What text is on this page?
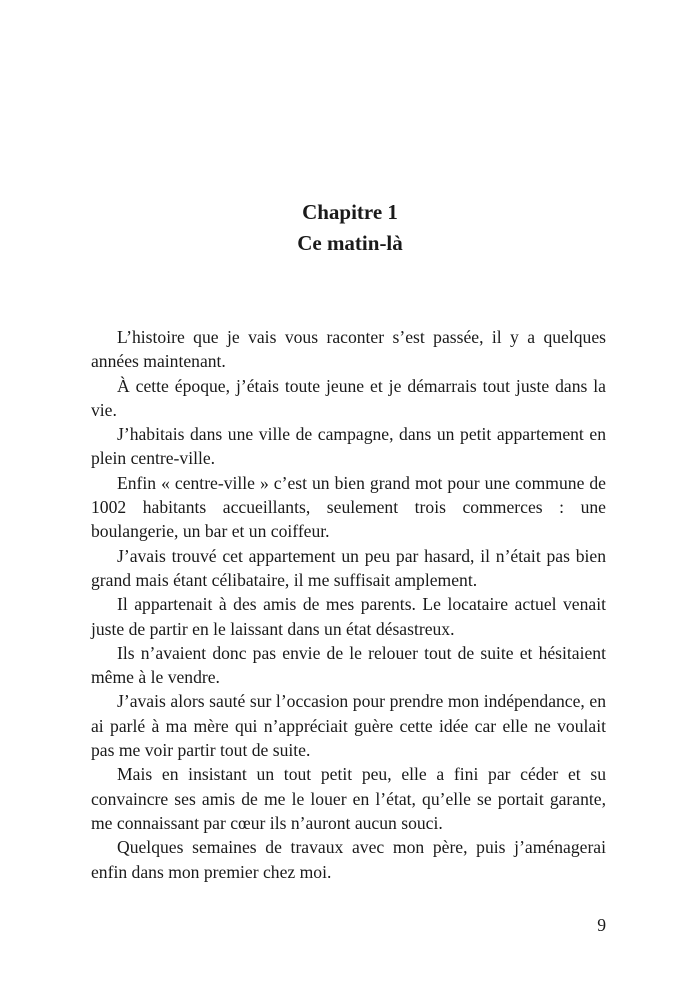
Chapitre 1
Ce matin-là

L’histoire que je vais vous raconter s’est passée, il y a quelques années maintenant.

À cette époque, j’étais toute jeune et je démarrais tout juste dans la vie.

J’habitais dans une ville de campagne, dans un petit appartement en plein centre-ville.

Enfin « centre-ville » c’est un bien grand mot pour une commune de 1002 habitants accueillants, seulement trois commerces : une boulangerie, un bar et un coiffeur.

J’avais trouvé cet appartement un peu par hasard, il n’était pas bien grand mais étant célibataire, il me suffisait amplement.

Il appartenait à des amis de mes parents. Le locataire actuel venait juste de partir en le laissant dans un état désastreux.

Ils n’avaient donc pas envie de le relouer tout de suite et hésitaient même à le vendre.

J’avais alors sauté sur l’occasion pour prendre mon indépendance, en ai parlé à ma mère qui n’appréciait guère cette idée car elle ne voulait pas me voir partir tout de suite.

Mais en insistant un tout petit peu, elle a fini par céder et su convaincre ses amis de me le louer en l’état, qu’elle se portait garante, me connaissant par cœur ils n’auront aucun souci.

Quelques semaines de travaux avec mon père, puis j’aménagerai enfin dans mon premier chez moi.

9
